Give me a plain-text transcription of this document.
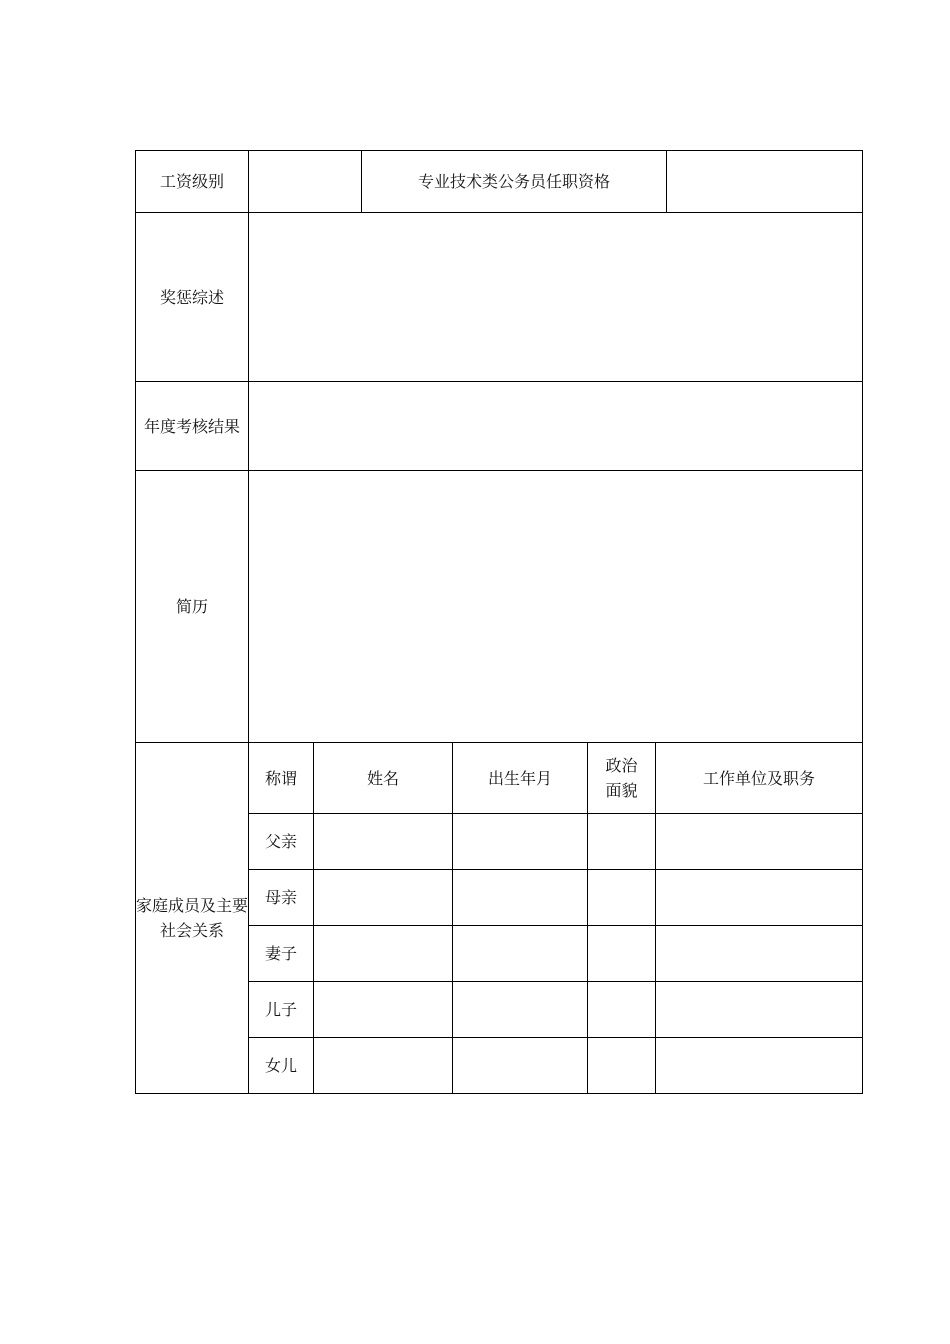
工资级别			专业技术类公务员任职资格				
奖惩综述							
年度考核结果							
简历							
家庭成员及主要社会关系	称谓	姓名		出生年月	政治面貌	工作单位及职务
	父亲						
	母亲						
	妻子						
	儿子						
	女儿						
